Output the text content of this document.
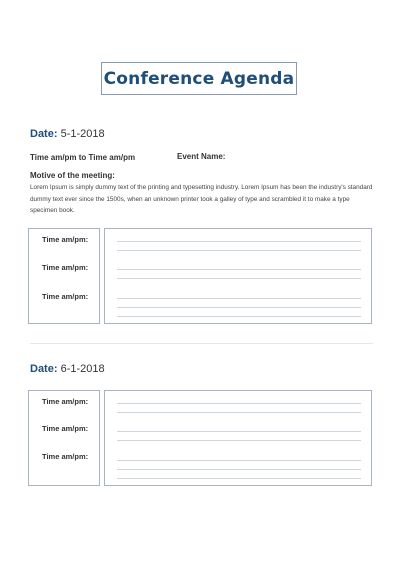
Conference Agenda
Date: 5-1-2018
Time am/pm to Time am/pm	Event Name:
Motive of the meeting:
Lorem Ipsum is simply dummy text of the printing and typesetting industry. Lorem Ipsum has been the industry's standard dummy text ever since the 1500s, when an unknown printer took a galley of type and scrambled it to make a type specimen book.
Time am/pm:
Time am/pm:
Time am/pm:
Date: 6-1-2018
Time am/pm:
Time am/pm:
Time am/pm:
